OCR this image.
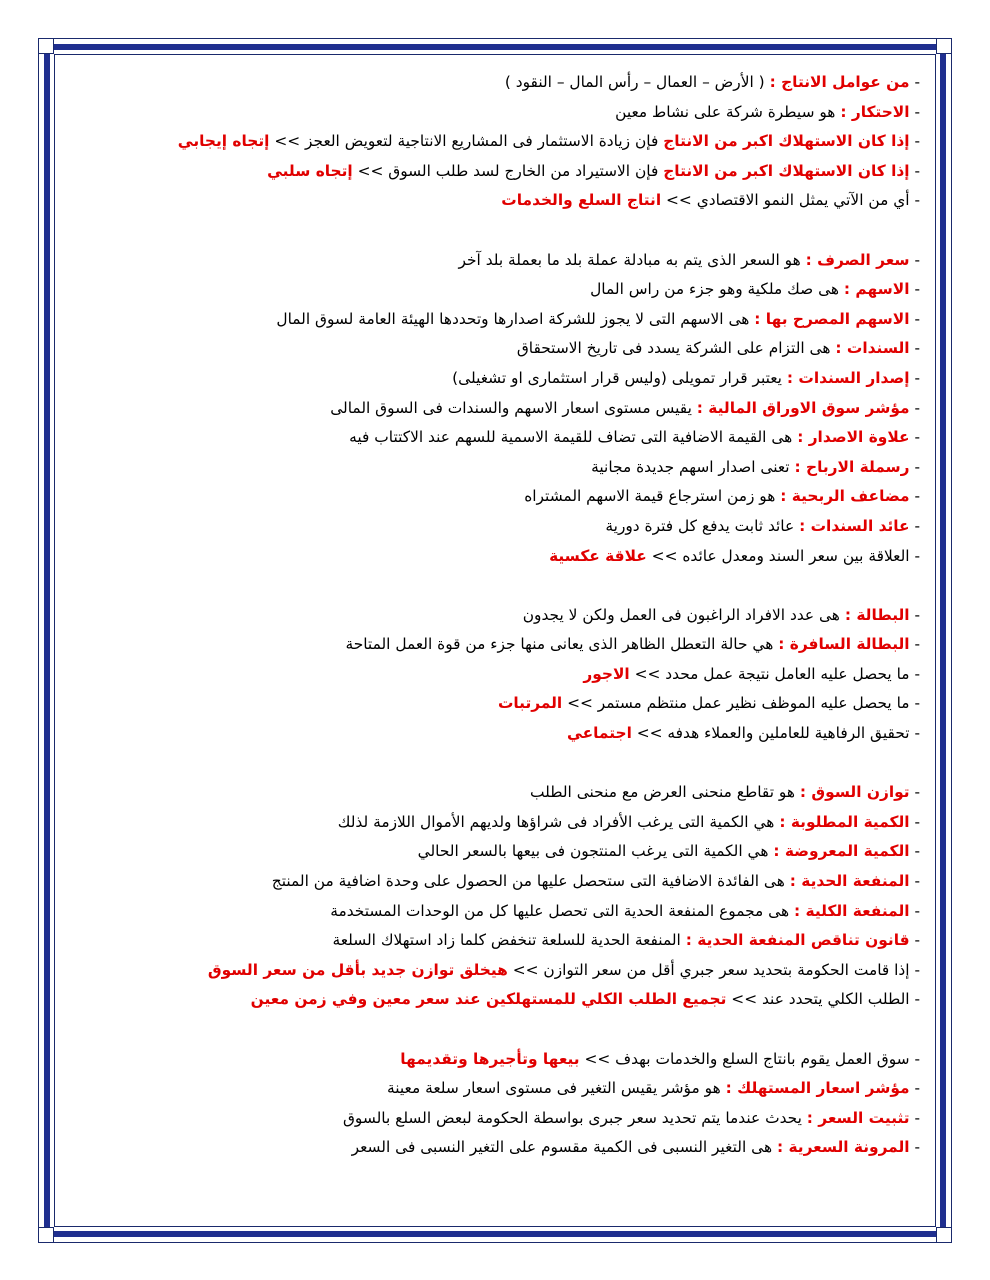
- من عوامل الانتاج : ( الأرض – العمال – رأس المال – النقود )
- الاحتكار : هو سيطرة شركة على نشاط معين
- إذا كان الاستهلاك اكبر من الانتاج فإن زيادة الاستثمار فى المشاريع الانتاجية لتعويض العجز >> إتجاه إيجابي
- إذا كان الاستهلاك اكبر من الانتاج فإن الاستيراد من الخارج لسد طلب السوق >> إتجاه سلبي
- أي من الآتي يمثل النمو الاقتصادي >> انتاج السلع والخدمات
- سعر الصرف : هو السعر الذى يتم به مبادلة عملة بلد ما بعملة بلد آخر
- الاسهم : هى صك ملكية وهو جزء من راس المال
- الاسهم المصرح بها : هى الاسهم التى لا يجوز للشركة اصدارها وتحددها الهيئة العامة لسوق المال
- السندات : هى التزام على الشركة يسدد فى تاريخ الاستحقاق
- إصدار السندات : يعتبر قرار تمويلى (وليس قرار استثمارى او تشغيلى)
- مؤشر سوق الاوراق المالية : يقيس مستوى اسعار الاسهم والسندات فى السوق المالى
- علاوة الاصدار : هى القيمة الاضافية التى تضاف للقيمة الاسمية للسهم عند الاكتتاب فيه
- رسملة الارباح : تعنى اصدار اسهم جديدة مجانية
- مضاعف الربحية : هو زمن استرجاع قيمة الاسهم المشتراه
- عائد السندات : عائد ثابت يدفع كل فترة دورية
- العلاقة بين سعر السند ومعدل عائده >> علاقة عكسية
- البطالة : هى عدد الافراد الراغبون فى العمل ولكن لا يجدون
- البطالة السافرة : هي حالة التعطل الظاهر الذى يعانى منها جزء من قوة العمل المتاحة
- ما يحصل عليه العامل نتيجة عمل محدد >> الاجور
- ما يحصل عليه الموظف نظير عمل منتظم مستمر >> المرتبات
- تحقيق الرفاهية للعاملين والعملاء هدفه >> اجتماعي
- توازن السوق : هو تقاطع منحنى العرض مع منحنى الطلب
- الكمية المطلوبة : هي الكمية التى يرغب الأفراد فى شراؤها ولديهم الأموال اللازمة لذلك
- الكمية المعروضة : هي الكمية التى يرغب المنتجون فى بيعها بالسعر الحالي
- المنفعة الحدية : هى الفائدة الاضافية التى ستحصل عليها من الحصول على وحدة اضافية من المنتج
- المنفعة الكلية : هى مجموع المنفعة الحدية التى تحصل عليها كل من الوحدات المستخدمة
- قانون تناقص المنفعة الحدية : المنفعة الحدية للسلعة تنخفض كلما زاد استهلاك السلعة
- إذا قامت الحكومة بتحديد سعر جبري أقل من سعر التوازن >> هيخلق توازن جديد بأقل من سعر السوق
- الطلب الكلي يتحدد عند >> تجميع الطلب الكلي للمستهلكين عند سعر معين وفي زمن معين
- سوق العمل يقوم بانتاج السلع والخدمات بهدف >> بيعها وتأجيرها وتقديمها
- مؤشر اسعار المستهلك : هو مؤشر يقيس التغير فى مستوى اسعار سلعة معينة
- تثبيت السعر : يحدث عندما يتم تحديد سعر جبرى بواسطة الحكومة لبعض السلع بالسوق
- المرونة السعرية : هى التغير النسبى فى الكمية مقسوم على التغير النسبى فى السعر
